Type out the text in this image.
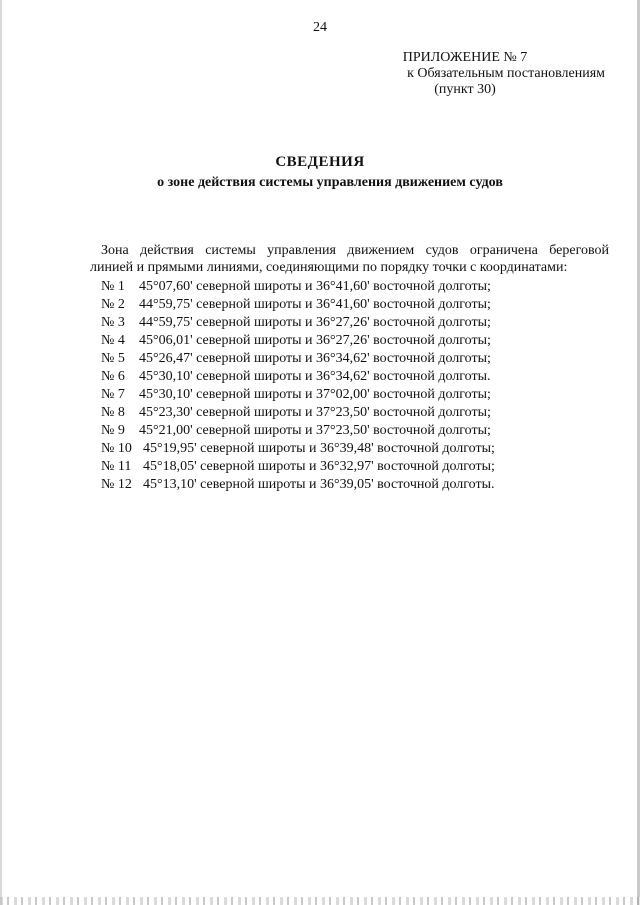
24
ПРИЛОЖЕНИЕ № 7
к Обязательным постановлениям
(пункт 30)
СВЕДЕНИЯ
о зоне действия системы управления движением судов
Зона действия системы управления движением судов ограничена береговой
линией и прямыми линиями, соединяющими по порядку точки с координатами:
№ 1 45°07,60' северной широты и 36°41,60' восточной долготы;
№ 2 44°59,75' северной широты и 36°41,60' восточной долготы;
№ 3 44°59,75' северной широты и 36°27,26' восточной долготы;
№ 4 45°06,01' северной широты и 36°27,26' восточной долготы;
№ 5 45°26,47' северной широты и 36°34,62' восточной долготы;
№ 6 45°30,10' северной широты и 36°34,62' восточной долготы.
№ 7 45°30,10' северной широты и 37°02,00' восточной долготы;
№ 8 45°23,30' северной широты и 37°23,50' восточной долготы;
№ 9 45°21,00' северной широты и 37°23,50' восточной долготы;
№ 10 45°19,95' северной широты и 36°39,48' восточной долготы;
№ 11 45°18,05' северной широты и 36°32,97' восточной долготы;
№ 12 45°13,10' северной широты и 36°39,05' восточной долготы.
